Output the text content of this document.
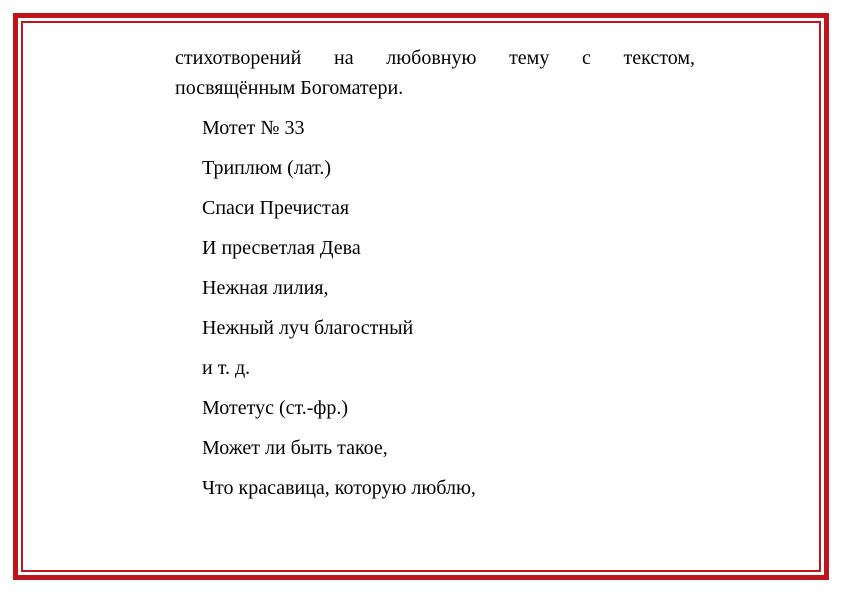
стихотворений на любовную тему с текстом,
посвящённым Богоматери.

Мотет № 33
Триплюм (лат.)
Спаси Пречистая
И пресветлая Дева
Нежная лилия,
Нежный луч благостный
и т. д.
Мотетус (ст.-фр.)
Может ли быть такое,
Что красавица, которую люблю,
